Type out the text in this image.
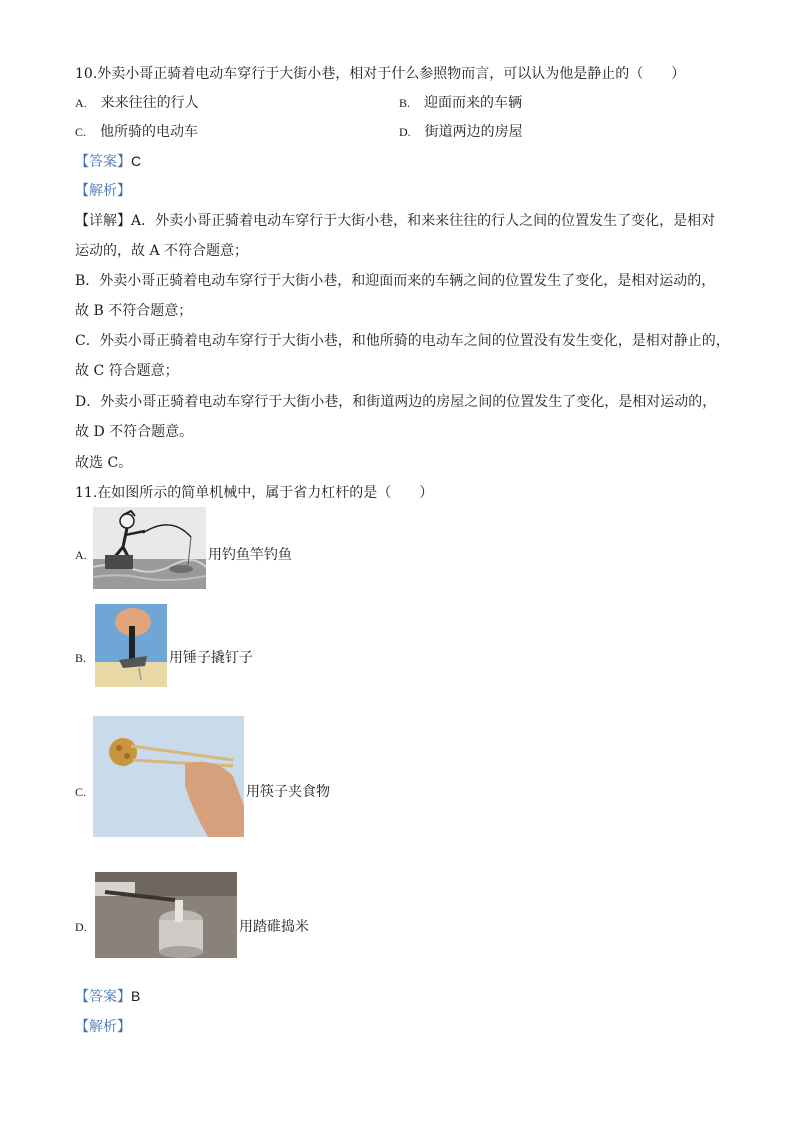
10.外卖小哥正骑着电动车穿行于大街小巷，相对于什么参照物而言，可以认为他是静止的（　　）
A. 来来往往的行人	B. 迎面而来的车辆
C. 他所骑的电动车	D. 街道两边的房屋
【答案】C
【解析】
【详解】A．外卖小哥正骑着电动车穿行于大街小巷，和来来往往的行人之间的位置发生了变化，是相对
运动的，故 A 不符合题意；
B．外卖小哥正骑着电动车穿行于大街小巷，和迎面而来的车辆之间的位置发生了变化，是相对运动的，
故 B 不符合题意；
C．外卖小哥正骑着电动车穿行于大街小巷，和他所骑的电动车之间的位置没有发生变化，是相对静止的，
故 C 符合题意；
D．外卖小哥正骑着电动车穿行于大街小巷，和街道两边的房屋之间的位置发生了变化，是相对运动的，
故 D 不符合题意。
故选 C。
11.在如图所示的简单机械中，属于省力杠杆的是（　　）
A.	用钓鱼竿钓鱼
B.	用锤子撬钉子
C.	用筷子夹食物
D.	用踏碓捣米
【答案】B
【解析】
